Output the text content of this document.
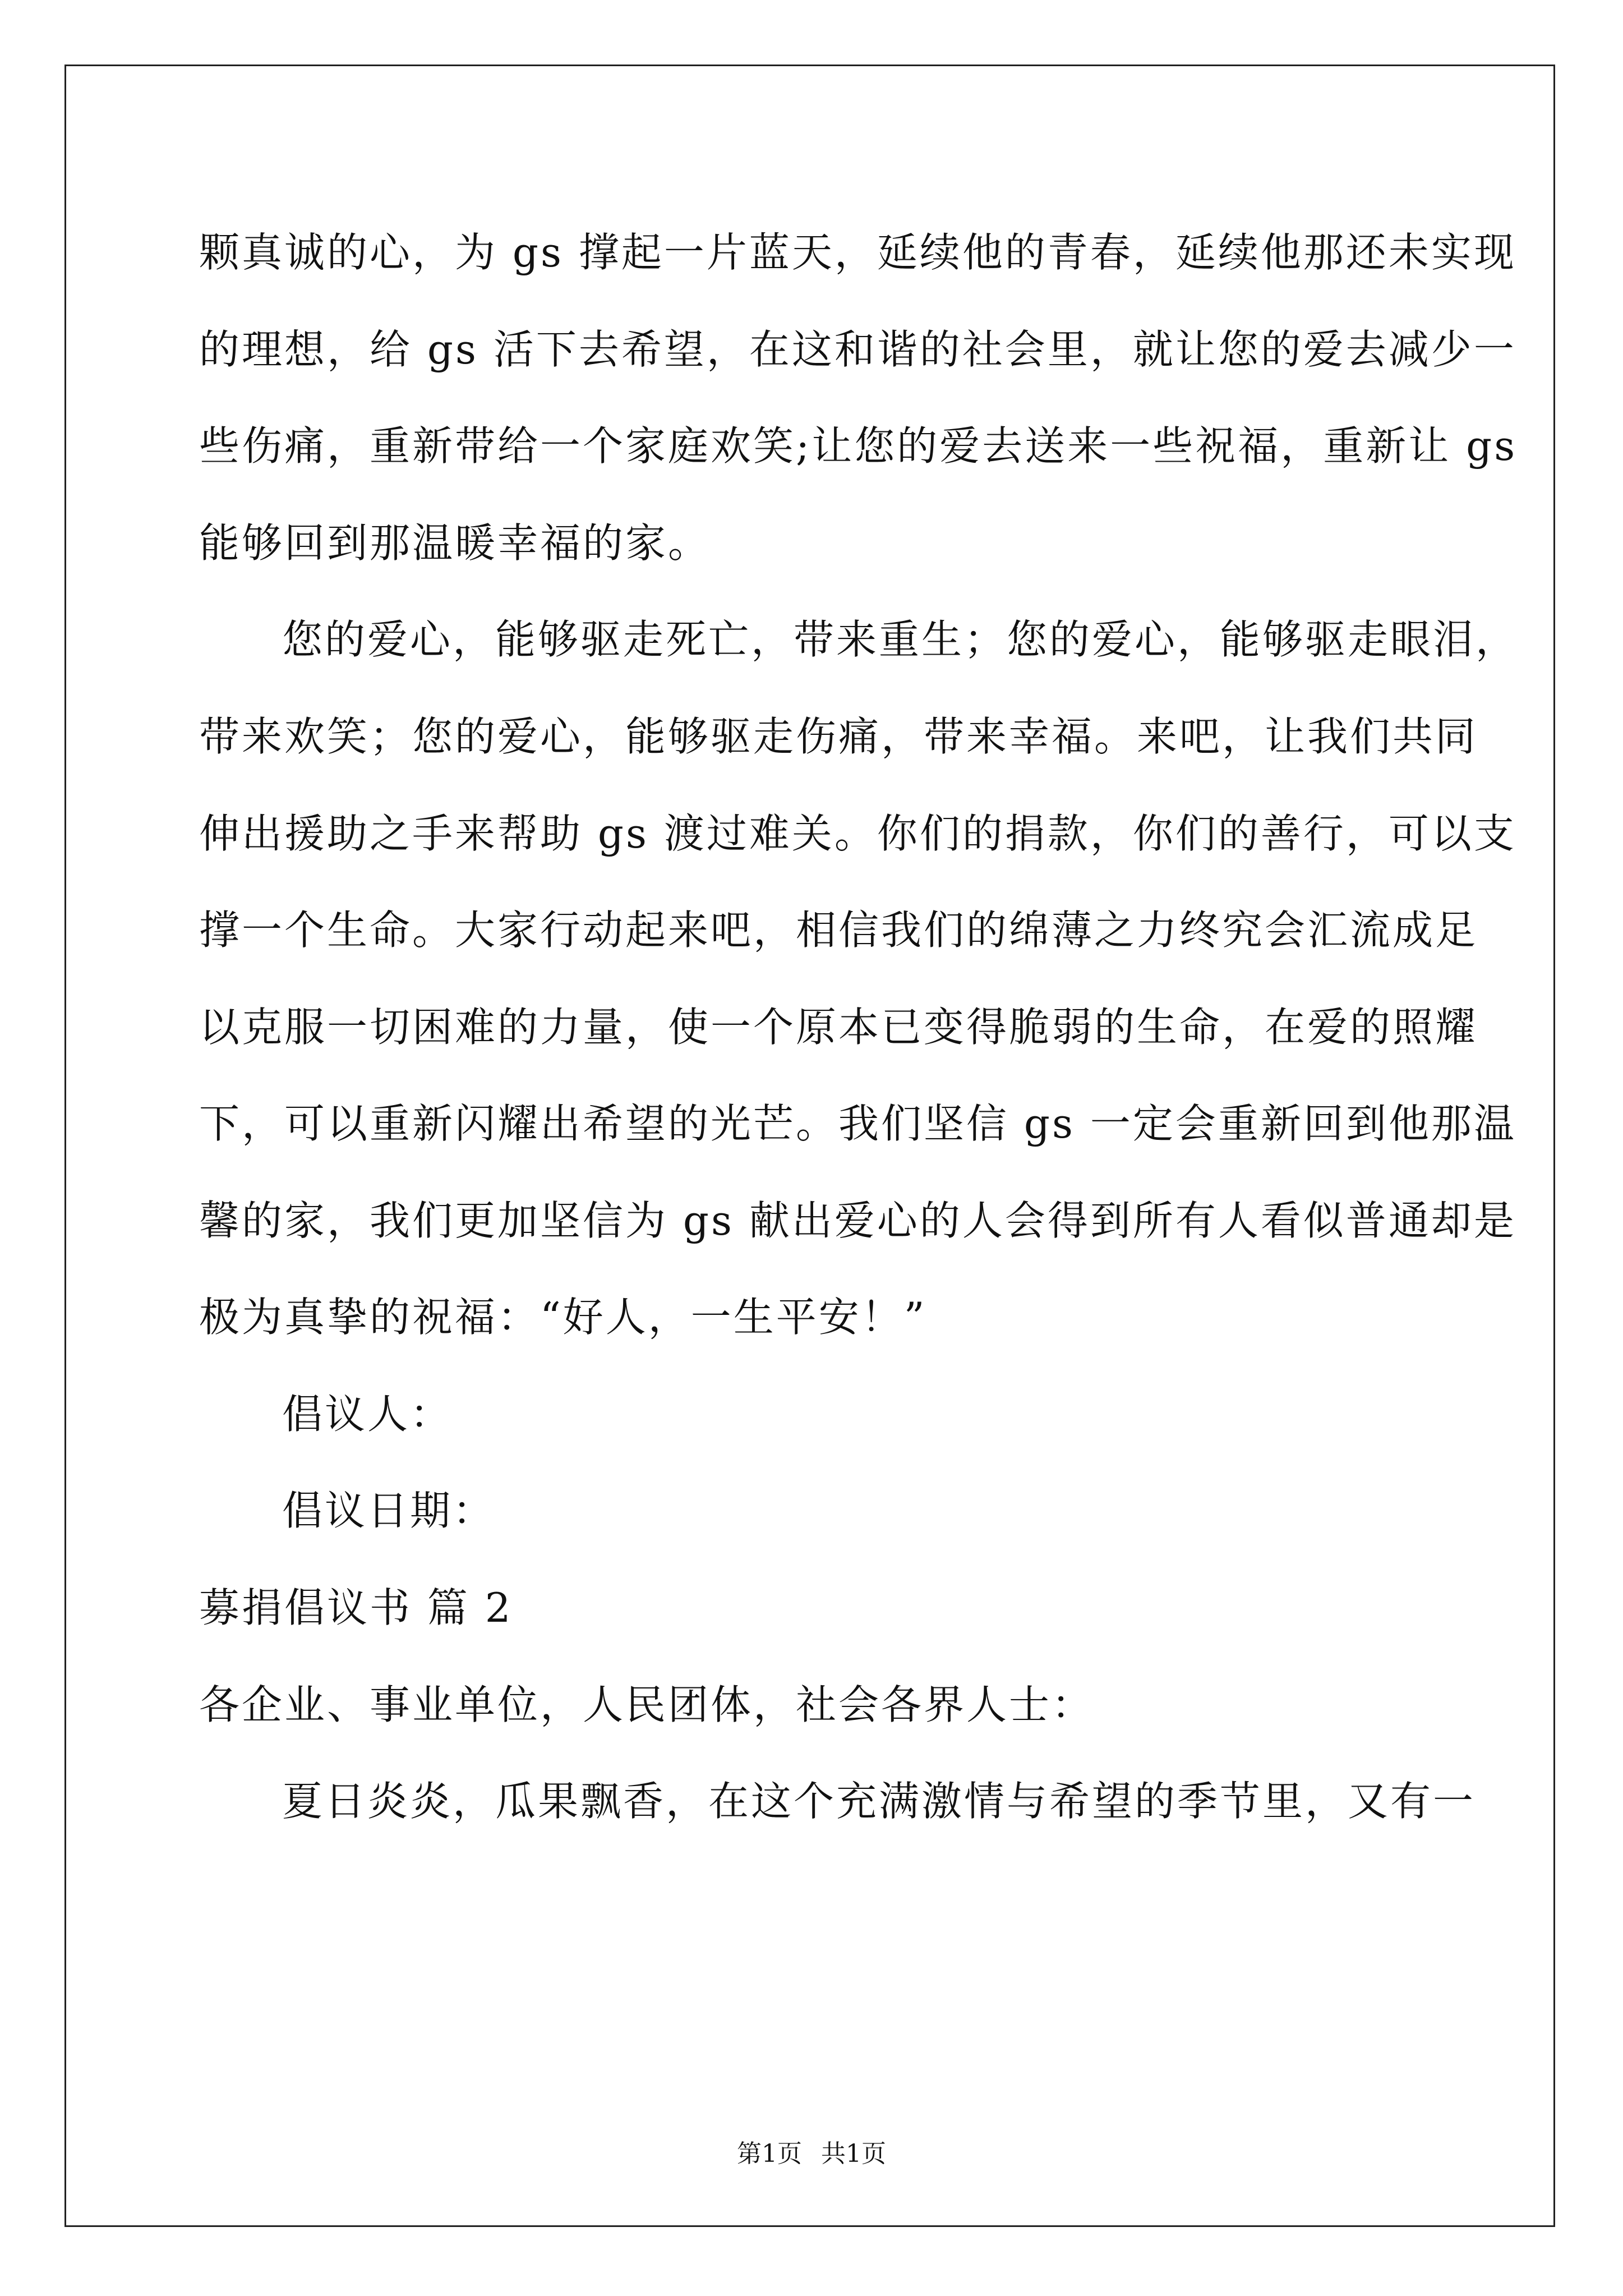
颗真诚的心，为 gs 撑起一片蓝天，延续他的青春，延续他那还未实现
的理想，给 gs 活下去希望，在这和谐的社会里，就让您的爱去减少一
些伤痛，重新带给一个家庭欢笑;让您的爱去送来一些祝福，重新让 gs
能够回到那温暖幸福的家。
您的爱心，能够驱走死亡，带来重生；您的爱心，能够驱走眼泪，
带来欢笑；您的爱心，能够驱走伤痛，带来幸福。来吧，让我们共同
伸出援助之手来帮助 gs 渡过难关。你们的捐款，你们的善行，可以支
撑一个生命。大家行动起来吧，相信我们的绵薄之力终究会汇流成足
以克服一切困难的力量，使一个原本已变得脆弱的生命，在爱的照耀
下，可以重新闪耀出希望的光芒。我们坚信 gs 一定会重新回到他那温
馨的家，我们更加坚信为 gs 献出爱心的人会得到所有人看似普通却是
极为真挚的祝福：“好人，一生平安！”
倡议人：
倡议日期：
募捐倡议书 篇 2
各企业、事业单位，人民团体，社会各界人士：
夏日炎炎，瓜果飘香，在这个充满激情与希望的季节里，又有一
第1页 共1页
